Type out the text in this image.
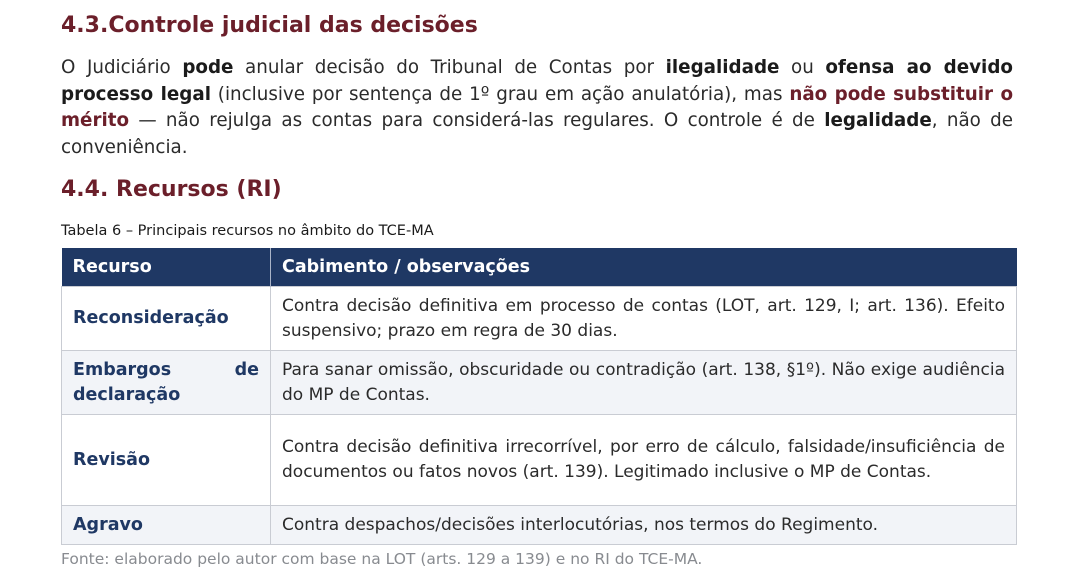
4.3.Controle judicial das decisões

O Judiciário pode anular decisão do Tribunal de Contas por ilegalidade ou ofensa ao devido processo legal (inclusive por sentença de 1º grau em ação anulatória), mas não pode substituir o mérito — não rejulga as contas para considerá-las regulares. O controle é de legalidade, não de conveniência.

4.4. Recursos (RI)
Tabela 6 – Principais recursos no âmbito do TCE-MA
Recurso	Cabimento / observações
Reconsideração	Contra decisão definitiva em processo de contas (LOT, art. 129, I; art. 136). Efeito suspensivo; prazo em regra de 30 dias.
Embargos de declaração	Para sanar omissão, obscuridade ou contradição (art. 138, §1º). Não exige audiência do MP de Contas.
Revisão	Contra decisão definitiva irrecorrível, por erro de cálculo, falsidade/insuficiência de documentos ou fatos novos (art. 139). Legitimado inclusive o MP de Contas.
Agravo	Contra despachos/decisões interlocutórias, nos termos do Regimento.
Fonte: elaborado pelo autor com base na LOT (arts. 129 a 139) e no RI do TCE-MA.
